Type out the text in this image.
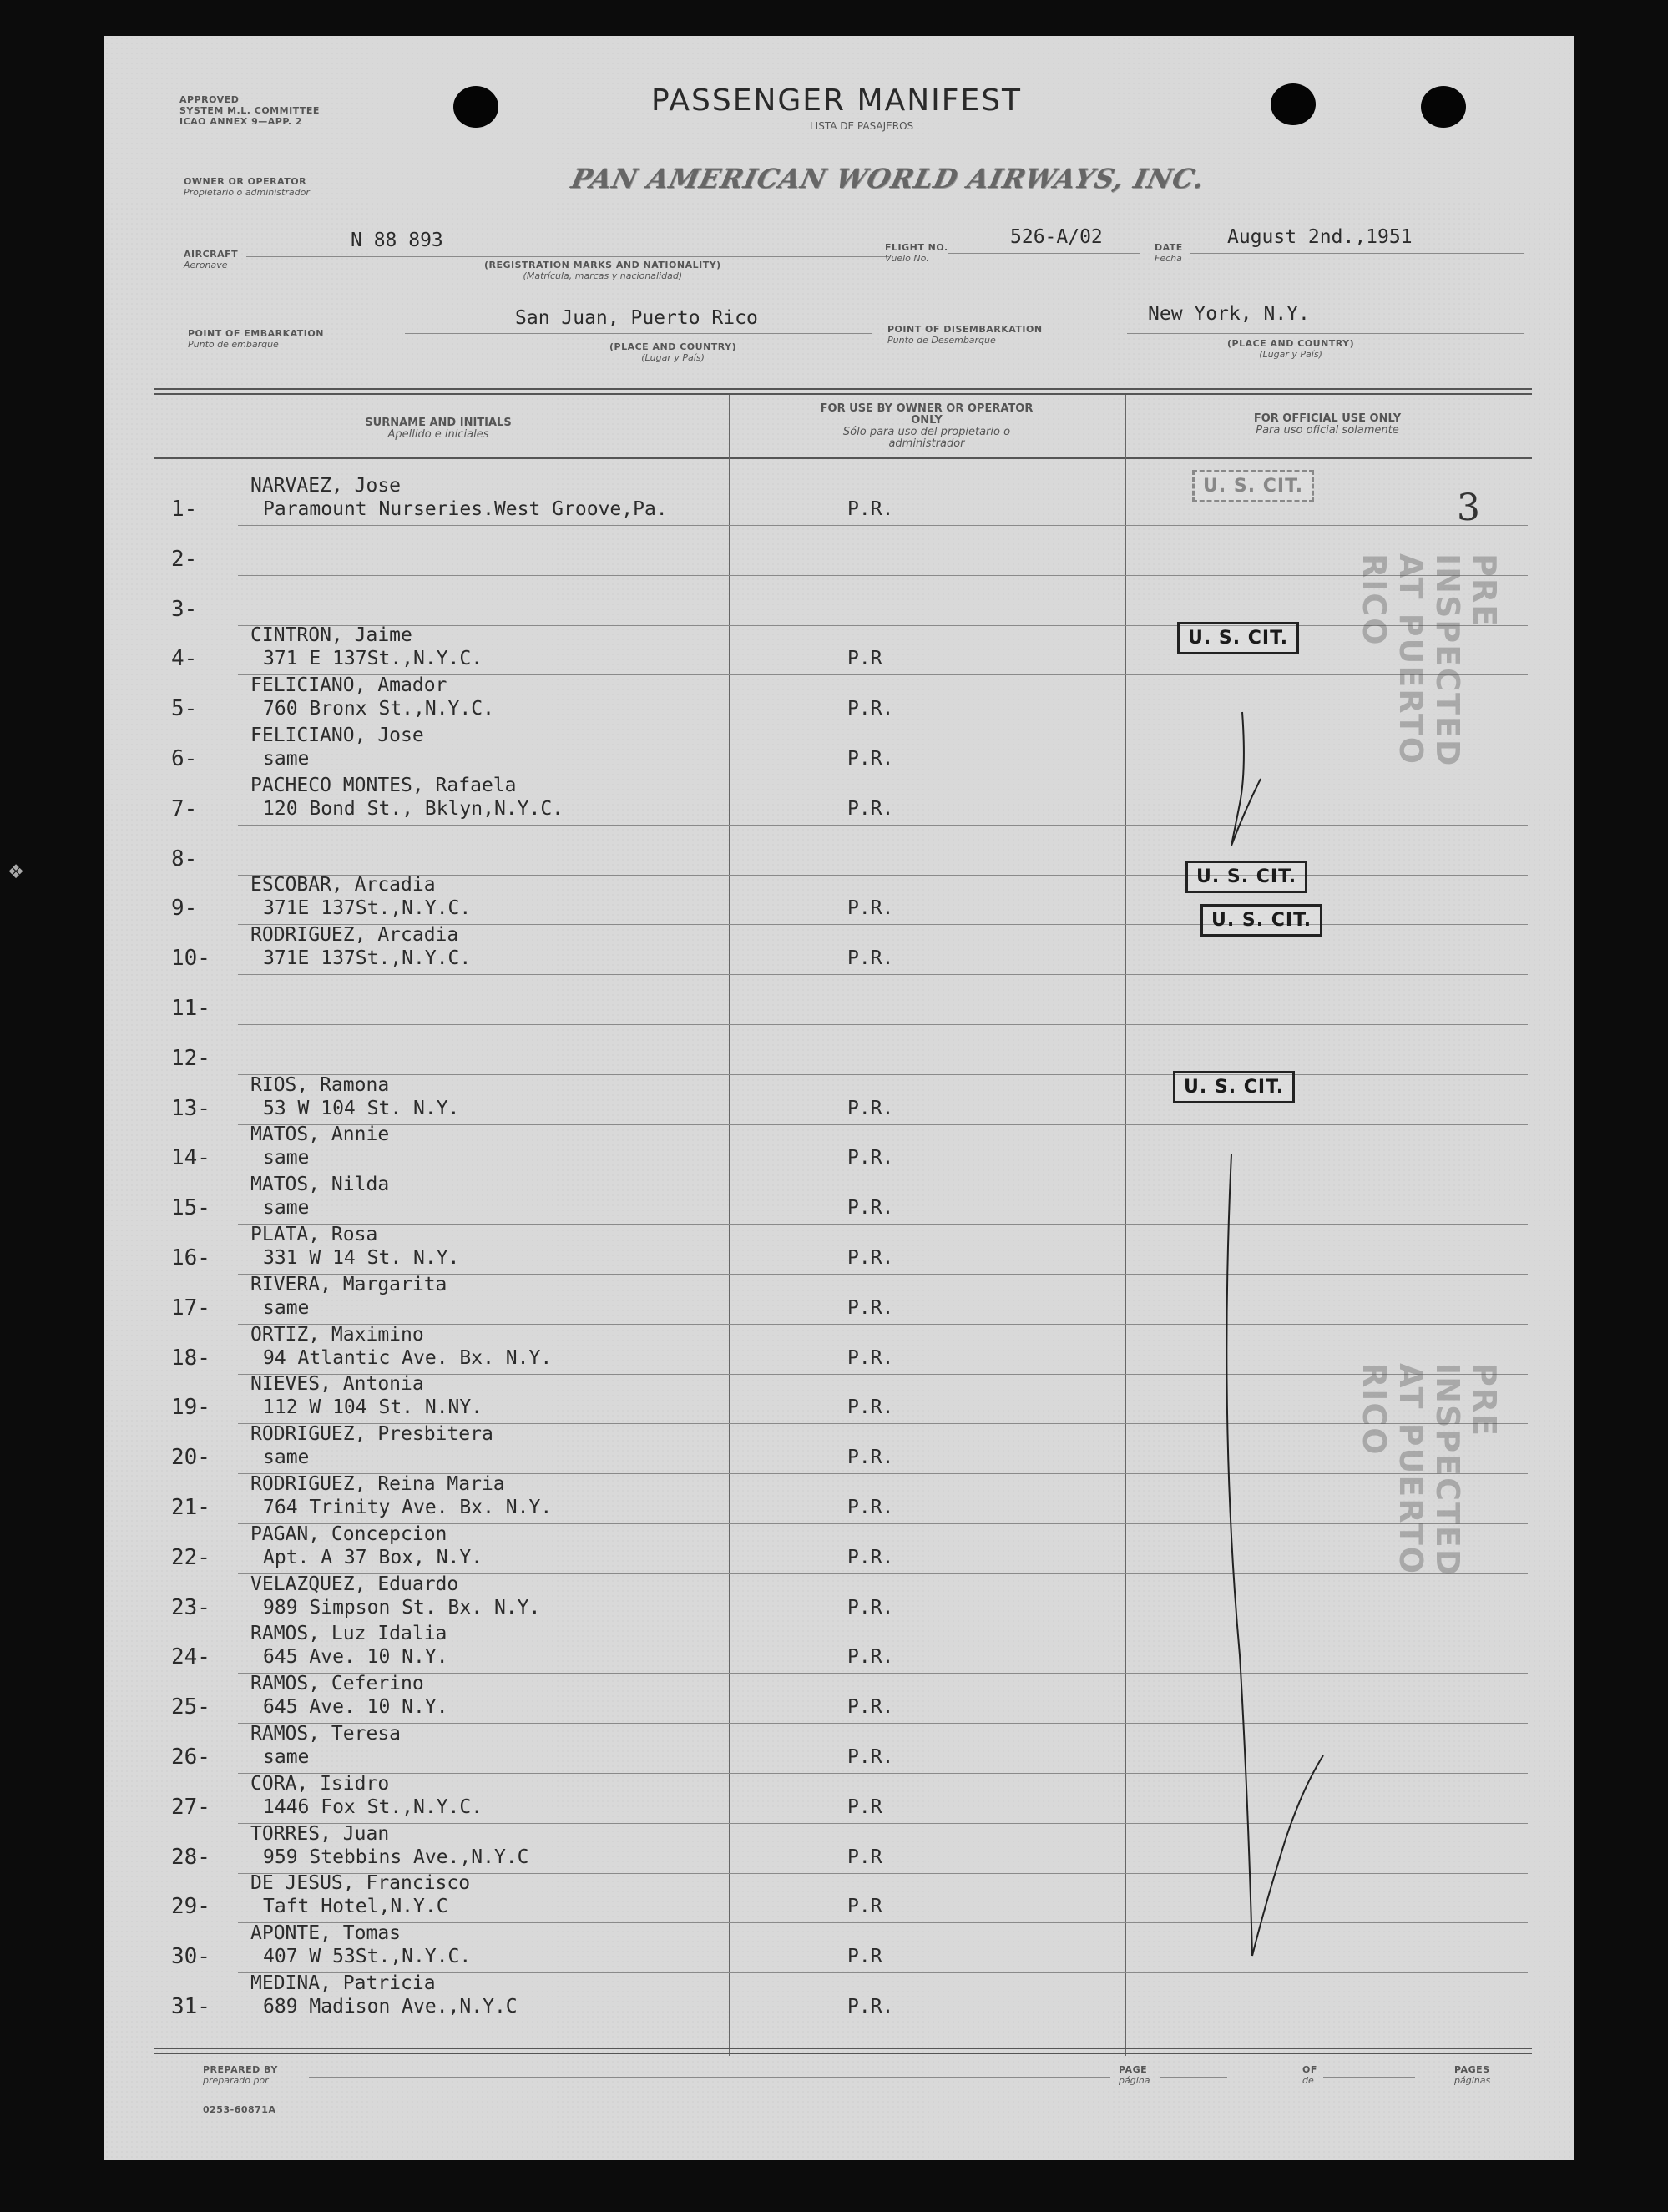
❖
APPROVED
SYSTEM M.L. COMMITTEE
ICAO ANNEX 9—APP. 2
PASSENGER MANIFEST
LISTA DE PASAJEROS
OWNER OR OPERATOR
Propietario o administrador	PAN AMERICAN WORLD AIRWAYS, INC.
AIRCRAFT
Aeronave
N 88 893
(REGISTRATION MARKS AND NATIONALITY)
(Matrícula, marcas y nacionalidad)
FLIGHT NO.
Vuelo No.
526-A/02	DATE
Fecha
August 2nd.,1951
POINT OF EMBARKATION
Punto de embarque
San Juan, Puerto Rico
(PLACE AND COUNTRY)
(Lugar y País)
POINT OF DISEMBARKATION
Punto de Desembarque
New York, N.Y.
(PLACE AND COUNTRY)
(Lugar y País)
SURNAME AND INITIALS
Apellido e iniciales
FOR USE BY OWNER OR OPERATOR ONLY
Sólo para uso del propietario o administrador
FOR OFFICIAL USE ONLY
Para uso oficial solamente
1-
NARVAEZ, Jose
Paramount Nurseries.West Groove,Pa.	P.R.
2-
3-
4-
CINTRON, Jaime
371 E 137St.,N.Y.C.	P.R
5-
FELICIANO, Amador
760 Bronx St.,N.Y.C.	P.R.
6-
FELICIANO, Jose
same	P.R.
7-
PACHECO MONTES, Rafaela
120 Bond St., Bklyn,N.Y.C.	P.R.
8-
9-
ESCOBAR, Arcadia
371E 137St.,N.Y.C.	P.R.
10-
RODRIGUEZ, Arcadia
371E 137St.,N.Y.C.	P.R.
11-
12-
13-
RIOS, Ramona
53 W 104 St. N.Y.	P.R.
14-
MATOS, Annie
same	P.R.
15-
MATOS, Nilda
same	P.R.
16-
PLATA, Rosa
331 W 14 St. N.Y.	P.R.
17-
RIVERA, Margarita
same	P.R.
18-
ORTIZ, Maximino
94 Atlantic Ave. Bx. N.Y.	P.R.
19-
NIEVES, Antonia
112 W 104 St. N.NY.	P.R.
20-
RODRIGUEZ, Presbitera
same	P.R.
21-
RODRIGUEZ, Reina Maria
764 Trinity Ave. Bx. N.Y.	P.R.
22-
PAGAN, Concepcion
Apt. A 37 Box, N.Y.	P.R.
23-
VELAZQUEZ, Eduardo
989 Simpson St. Bx. N.Y.	P.R.
24-
RAMOS, Luz Idalia
645 Ave. 10 N.Y.	P.R.
25-
RAMOS, Ceferino
645 Ave. 10 N.Y.	P.R.
26-
RAMOS, Teresa
same	P.R.
27-
CORA, Isidro
1446 Fox St.,N.Y.C.	P.R
28-
TORRES, Juan
959 Stebbins Ave.,N.Y.C	P.R
29-
DE JESUS, Francisco
Taft Hotel,N.Y.C	P.R
30-
APONTE, Tomas
407 W 53St.,N.Y.C.	P.R
31-
MEDINA, Patricia
689 Madison Ave.,N.Y.C	P.R.
U. S. CIT.
U. S. CIT.
U. S. CIT.
U. S. CIT.
U. S. CIT.
3
PRE INSPECTED AT PUERTO RICO
PRE INSPECTED AT PUERTO RICO
PREPARED BY
preparado por
0253-60871A
PAGE
página
OF
de
PAGES
páginas
